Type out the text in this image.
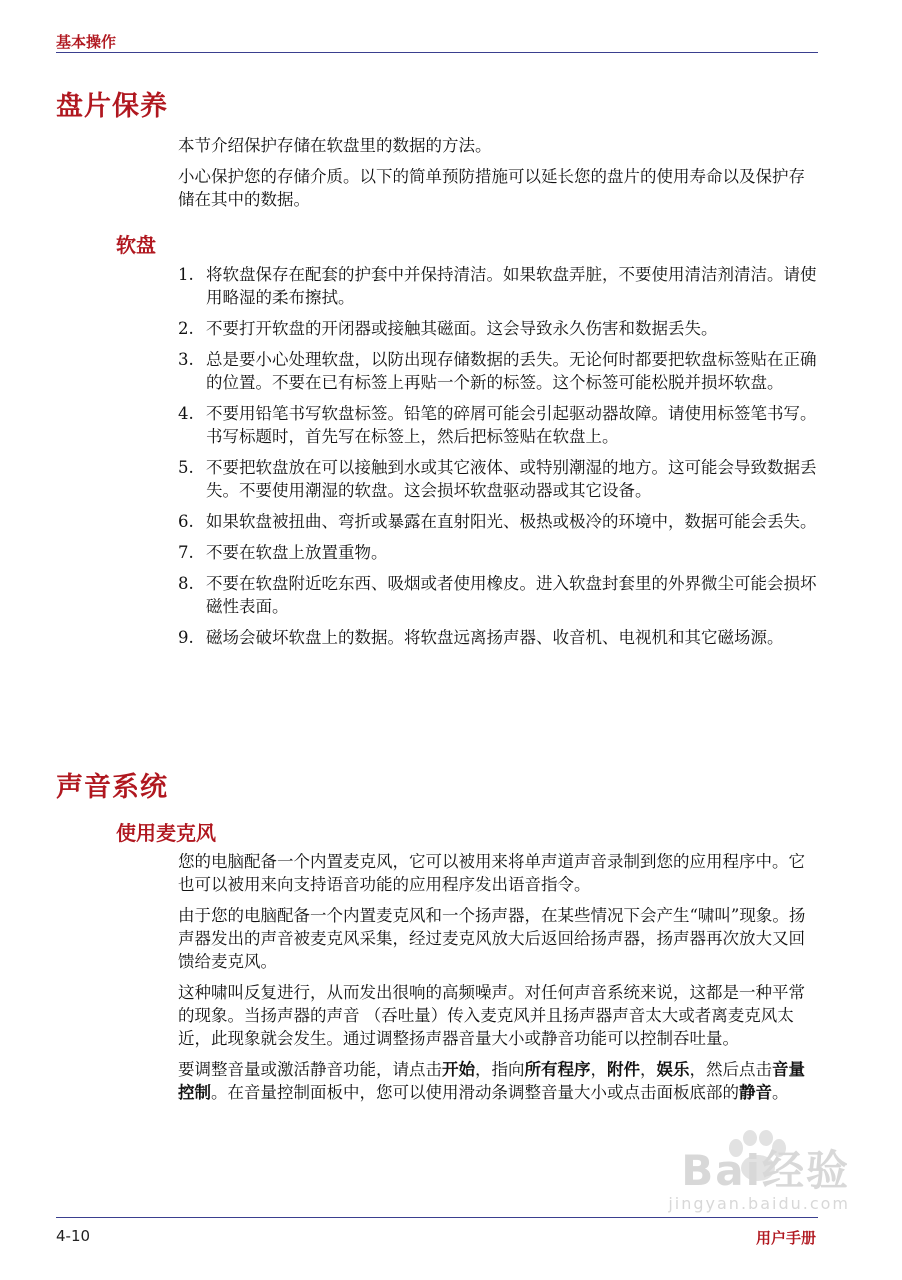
基本操作
盘片保养

本节介绍保护存储在软盘里的数据的方法。

小心保护您的存储介质。以下的简单预防措施可以延长您的盘片的使用寿命以及保护存储在其中的数据。

软盘
1. 将软盘保存在配套的护套中并保持清洁。如果软盘弄脏，不要使用清洁剂清洁。请使用略湿的柔布擦拭。
2. 不要打开软盘的开闭器或接触其磁面。这会导致永久伤害和数据丢失。
3. 总是要小心处理软盘，以防出现存储数据的丢失。无论何时都要把软盘标签贴在正确的位置。不要在已有标签上再贴一个新的标签。这个标签可能松脱并损坏软盘。
4. 不要用铅笔书写软盘标签。铅笔的碎屑可能会引起驱动器故障。请使用标签笔书写。书写标题时，首先写在标签上，然后把标签贴在软盘上。
5. 不要把软盘放在可以接触到水或其它液体、或特别潮湿的地方。这可能会导致数据丢失。不要使用潮湿的软盘。这会损坏软盘驱动器或其它设备。
6. 如果软盘被扭曲、弯折或暴露在直射阳光、极热或极冷的环境中，数据可能会丢失。
7. 不要在软盘上放置重物。
8. 不要在软盘附近吃东西、吸烟或者使用橡皮。进入软盘封套里的外界微尘可能会损坏磁性表面。
9. 磁场会破坏软盘上的数据。将软盘远离扬声器、收音机、电视机和其它磁场源。
声音系统
使用麦克风

您的电脑配备一个内置麦克风，它可以被用来将单声道声音录制到您的应用程序中。它也可以被用来向支持语音功能的应用程序发出语音指令。

由于您的电脑配备一个内置麦克风和一个扬声器，在某些情况下会产生“啸叫”现象。扬声器发出的声音被麦克风采集，经过麦克风放大后返回给扬声器，扬声器再次放大又回馈给麦克风。

这种啸叫反复进行，从而发出很响的高频噪声。对任何声音系统来说，这都是一种平常的现象。当扬声器的声音 （吞吐量）传入麦克风并且扬声器声音太大或者离麦克风太近，此现象就会发生。通过调整扬声器音量大小或静音功能可以控制吞吐量。

要调整音量或激活静音功能，请点击开始，指向所有程序，附件，娱乐，然后点击音量控制。在音量控制面板中，您可以使用滑动条调整音量大小或点击面板底部的静音。

Bai经验
jingyan.baidu.com
4-10	用户手册
